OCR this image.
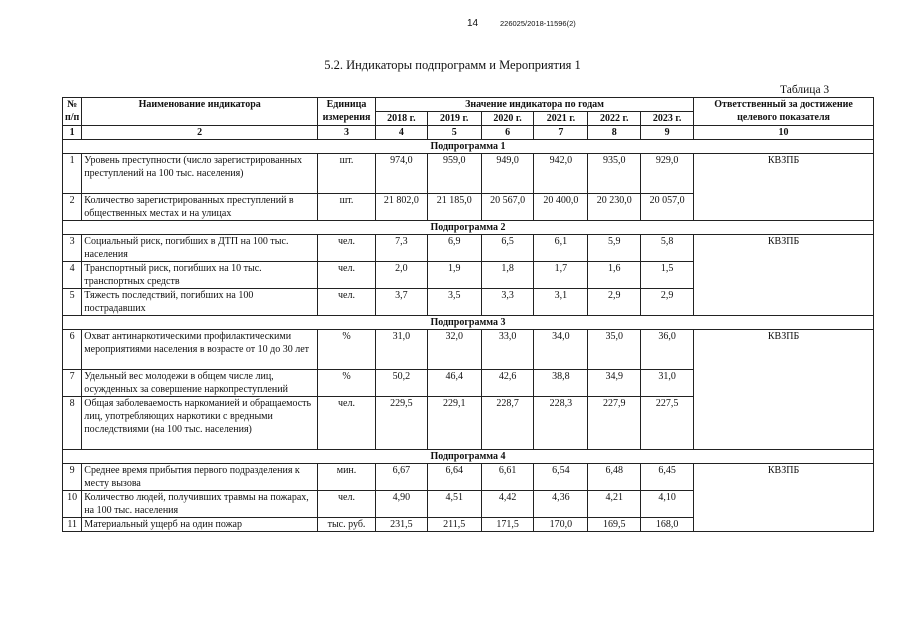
14	226025/2018-11596(2)
5.2. Индикаторы подпрограмм и Мероприятия 1
Таблица 3
№ п/п	Наименование индикатора	Единица измерения	Значение индикатора по годам						Ответственный за достижение целевого показателя
			2018 г.	2019 г.	2020 г.	2021 г.	2022 г.	2023 г.	
1	2	3	4	5	6	7	8	9	10
Подпрограмма 1									
1	Уровень преступности (число зарегистрированных преступлений на 100 тыс. населения)	шт.	974,0	959,0	949,0	942,0	935,0	929,0	КВЗПБ
2	Количество зарегистрированных преступлений в общественных местах и на улицах	шт.	21 802,0	21 185,0	20 567,0	20 400,0	20 230,0	20 057,0	
Подпрограмма 2									
3	Социальный риск, погибших в ДТП на 100 тыс. населения	чел.	7,3	6,9	6,5	6,1	5,9	5,8	КВЗПБ
4	Транспортный риск, погибших на 10 тыс. транспортных средств	чел.	2,0	1,9	1,8	1,7	1,6	1,5	
5	Тяжесть последствий, погибших на 100 пострадавших	чел.	3,7	3,5	3,3	3,1	2,9	2,9	
Подпрограмма 3									
6	Охват антинаркотическими профилактическими мероприятиями населения в возрасте от 10 до 30 лет	%	31,0	32,0	33,0	34,0	35,0	36,0	КВЗПБ
7	Удельный вес молодежи в общем числе лиц, осужденных за совершение наркопреступлений	%	50,2	46,4	42,6	38,8	34,9	31,0	
8	Общая заболеваемость наркоманией и обращаемость лиц, употребляющих наркотики с вредными последствиями (на 100 тыс. населения)	чел.	229,5	229,1	228,7	228,3	227,9	227,5	
Подпрограмма 4									
9	Среднее время прибытия первого подразделения к месту вызова	мин.	6,67	6,64	6,61	6,54	6,48	6,45	КВЗПБ
10	Количество людей, получивших травмы на пожарах, на 100 тыс. населения	чел.	4,90	4,51	4,42	4,36	4,21	4,10	
11	Материальный ущерб на один пожар	тыс. руб.	231,5	211,5	171,5	170,0	169,5	168,0	
